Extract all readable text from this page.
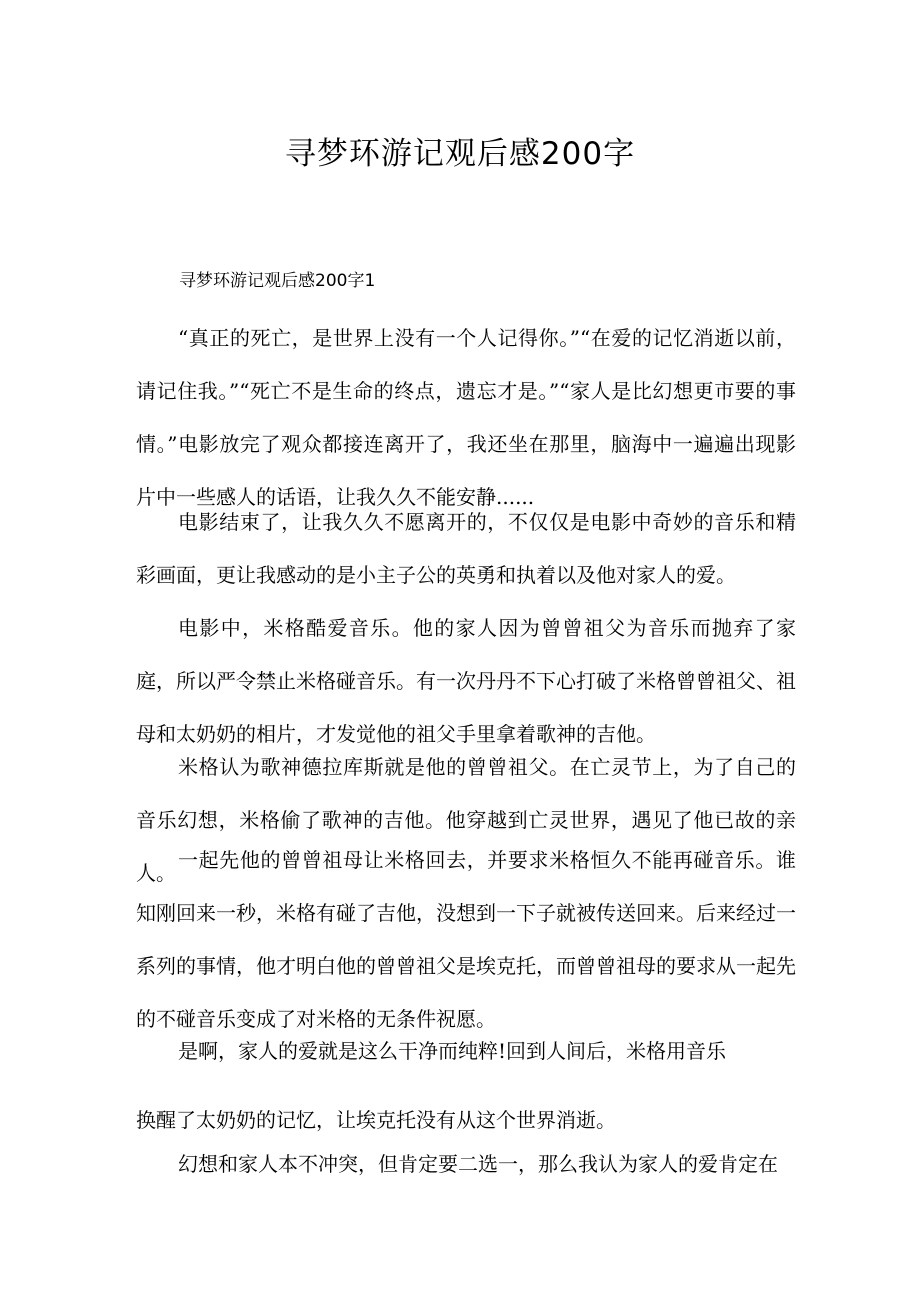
寻梦环游记观后感200字

寻梦环游记观后感200字1

“真正的死亡，是世界上没有一个人记得你。”“在爱的记忆消逝以前，请记住我。”“死亡不是生命的终点，遗忘才是。”“家人是比幻想更市要的事情。”电影放完了观众都接连离开了，我还坐在那里，脑海中一遍遍出现影片中一些感人的话语，让我久久不能安静......

电影结束了，让我久久不愿离开的，不仅仅是电影中奇妙的音乐和精彩画面，更让我感动的是小主子公的英勇和执着以及他对家人的爱。

电影中，米格酷爱音乐。他的家人因为曾曾祖父为音乐而抛弃了家庭，所以严令禁止米格碰音乐。有一次丹丹不下心打破了米格曾曾祖父、祖母和太奶奶的相片，才发觉他的祖父手里拿着歌神的吉他。

米格认为歌神德拉库斯就是他的曾曾祖父。在亡灵节上，为了自己的音乐幻想，米格偷了歌神的吉他。他穿越到亡灵世界，遇见了他已故的亲人。

一起先他的曾曾祖母让米格回去，并要求米格恒久不能再碰音乐。谁知刚回来一秒，米格有碰了吉他，没想到一下子就被传送回来。后来经过一系列的事情，他才明白他的曾曾祖父是埃克托，而曾曾祖母的要求从一起先的不碰音乐变成了对米格的无条件祝愿。

是啊，家人的爱就是这么干净而纯粹!回到人间后，米格用音乐

换醒了太奶奶的记忆，让埃克托没有从这个世界消逝。

幻想和家人本不冲突，但肯定要二选一，那么我认为家人的爱肯定在
